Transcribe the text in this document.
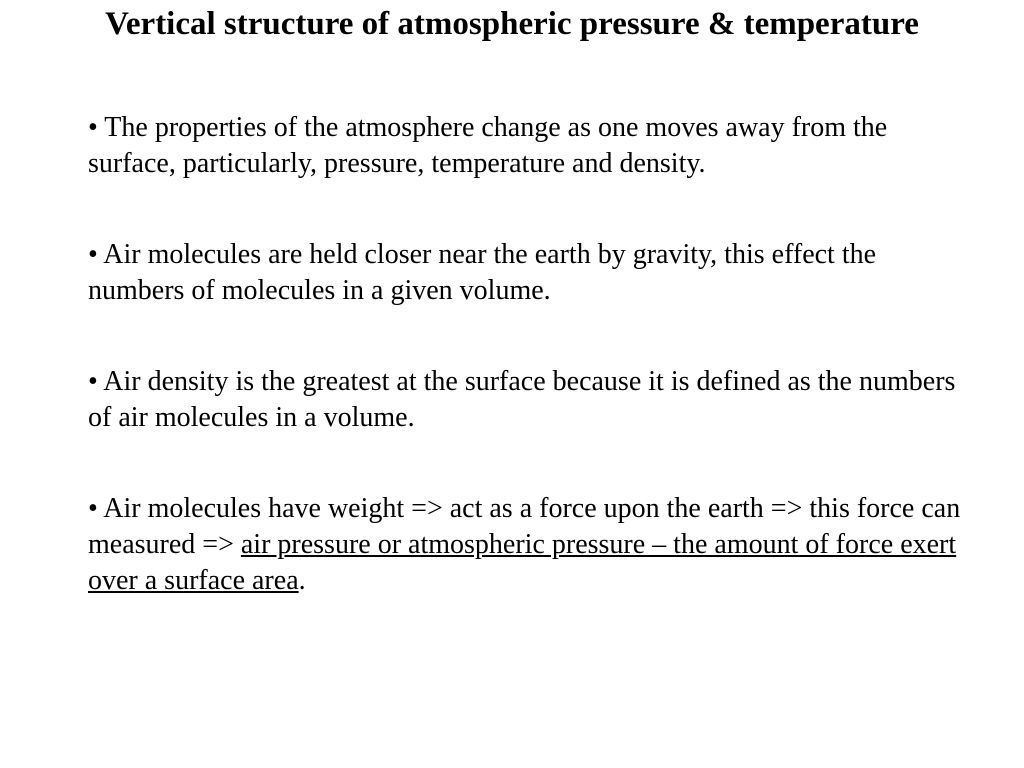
Vertical structure of atmospheric pressure & temperature
• The properties of the atmosphere change as one moves away from the surface, particularly, pressure, temperature and density.
• Air molecules are held closer near the earth by gravity, this effect the numbers of molecules in a given volume.
• Air density is the greatest at the surface because it is defined as the numbers of air molecules in a volume.
• Air molecules have weight => act as a force upon the earth => this force can measured => air pressure or atmospheric pressure – the amount of force exert over a surface area.
